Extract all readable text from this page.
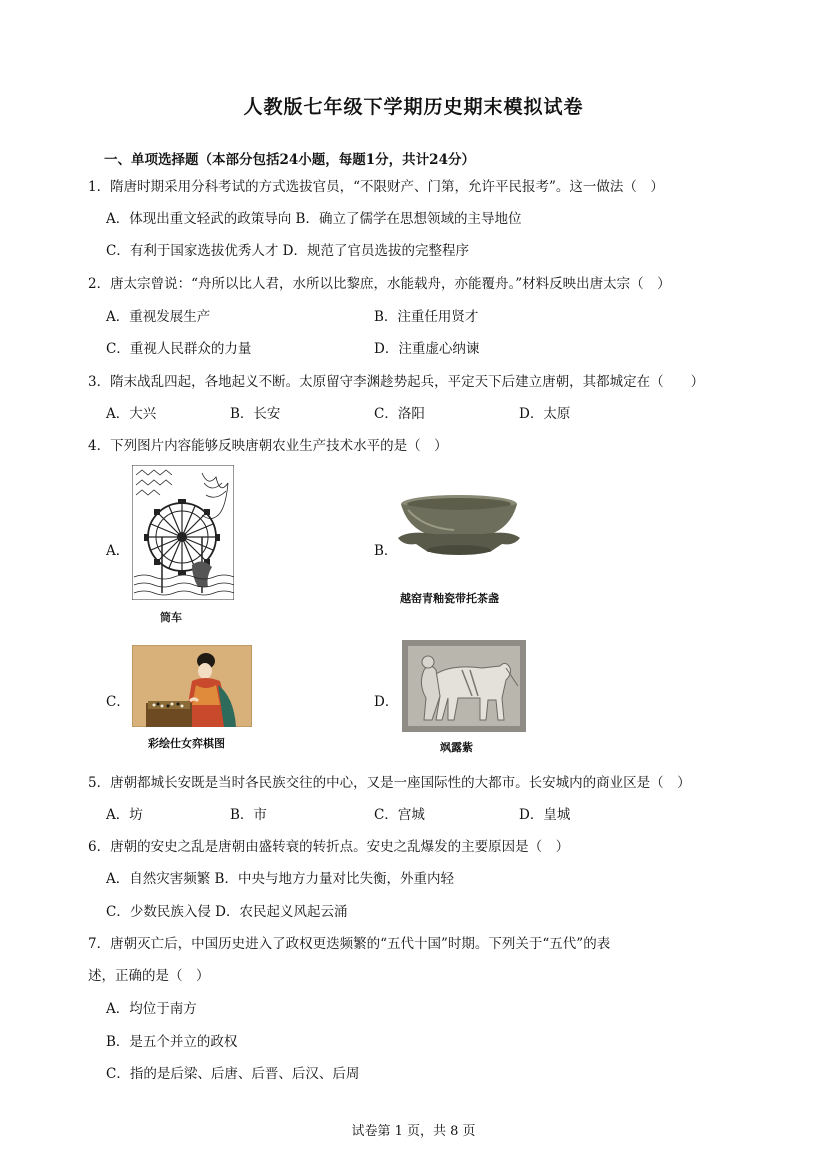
人教版七年级下学期历史期末模拟试卷
一、单项选择题（本部分包括24小题，每题1分，共计24分）
1．隋唐时期采用分科考试的方式选拔官员，“不限财产、门第，允许平民报考”。这一做法（　）
A．体现出重文轻武的政策导向 B．确立了儒学在思想领域的主导地位
C．有利于国家选拔优秀人才 D．规范了官员选拔的完整程序
2．唐太宗曾说：“舟所以比人君，水所以比黎庶，水能载舟，亦能覆舟。”材料反映出唐太宗（　）
A．重视发展生产	B．注重任用贤才
C．重视人民群众的力量	D．注重虚心纳谏
3．隋末战乱四起，各地起义不断。太原留守李渊趁势起兵，平定天下后建立唐朝，其都城定在（　　）
A．大兴	B．长安	C．洛阳	D．太原
4．下列图片内容能够反映唐朝农业生产技术水平的是（　）
A．
筒车
B．
越窑青釉瓷带托茶盏
C．
彩绘仕女弈棋图
D．
飒露紫
5．唐朝都城长安既是当时各民族交往的中心，又是一座国际性的大都市。长安城内的商业区是（　）
A．坊	B．市	C．宫城	D．皇城
6．唐朝的安史之乱是唐朝由盛转衰的转折点。安史之乱爆发的主要原因是（　）
A．自然灾害频繁 B．中央与地方力量对比失衡，外重内轻
C．少数民族入侵 D．农民起义风起云涌
7．唐朝灭亡后，中国历史进入了政权更迭频繁的“五代十国”时期。下列关于“五代”的表
述，正确的是（　）
A．均位于南方
B．是五个并立的政权
C．指的是后梁、后唐、后晋、后汉、后周
试卷第 1 页，共 8 页
